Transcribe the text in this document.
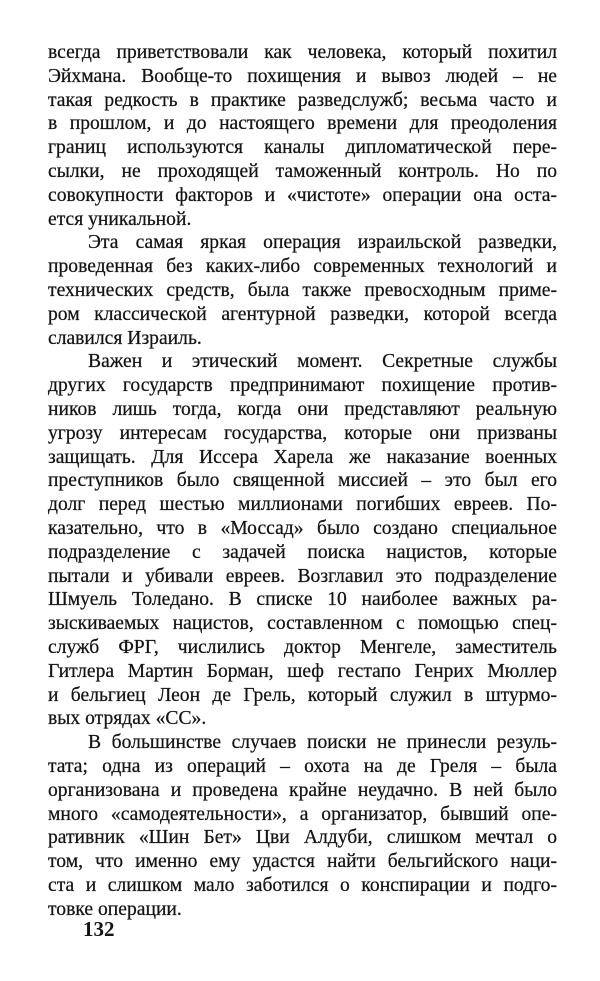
всегда приветствовали как человека, который похитил
Эйхмана. Вообще-то похищения и вывоз людей – не
такая редкость в практике разведслужб; весьма часто и
в прошлом, и до настоящего времени для преодоления
границ используются каналы дипломатической пере-
сылки, не проходящей таможенный контроль. Но по
совокупности факторов и «чистоте» операции она оста-
ется уникальной.
Эта самая яркая операция израильской разведки,
проведенная без каких-либо современных технологий и
технических средств, была также превосходным приме-
ром классической агентурной разведки, которой всегда
славился Израиль.
Важен и этический момент. Секретные службы
других государств предпринимают похищение против-
ников лишь тогда, когда они представляют реальную
угрозу интересам государства, которые они призваны
защищать. Для Иссера Харела же наказание военных
преступников было священной миссией – это был его
долг перед шестью миллионами погибших евреев. По-
казательно, что в «Моссад» было создано специальное
подразделение с задачей поиска нацистов, которые
пытали и убивали евреев. Возглавил это подразделение
Шмуель Толедано. В списке 10 наиболее важных ра-
зыскиваемых нацистов, составленном с помощью спец-
служб ФРГ, числились доктор Менгеле, заместитель
Гитлера Мартин Борман, шеф гестапо Генрих Мюллер
и бельгиец Леон де Грель, который служил в штурмо-
вых отрядах «СС».
В большинстве случаев поиски не принесли резуль-
тата; одна из операций – охота на де Греля – была
организована и проведена крайне неудачно. В ней было
много «самодеятельности», а организатор, бывший опе-
ративник «Шин Бет» Цви Алдуби, слишком мечтал о
том, что именно ему удастся найти бельгийского наци-
ста и слишком мало заботился о конспирации и подго-
товке операции.
132
